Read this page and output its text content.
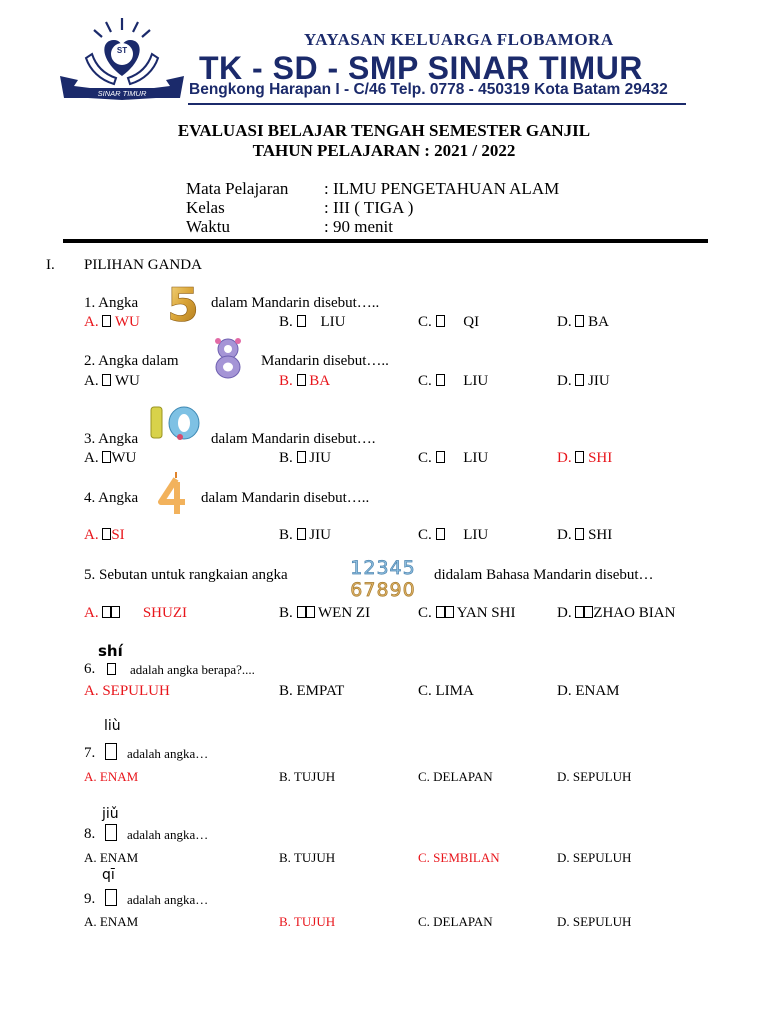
ST
SINAR TIMUR
YAYASAN KELUARGA FLOBAMORA
TK - SD - SMP SINAR TIMUR
Bengkong Harapan I - C/46 Telp. 0778 - 450319 Kota Batam 29432
EVALUASI BELAJAR TENGAH SEMESTER GANJIL
TAHUN PELAJARAN : 2021 / 2022
Mata Pelajaran : ILMU PENGETAHUAN ALAM
Kelas	: III ( TIGA )
Waktu	: 90 menit
I. PILIHAN GANDA
1. Angka 5 dalam Mandarin disebut…..
A. WU	B. LIU	C. QI	D. BA
2. Angka dalam	Mandarin disebut…..
A. WU	B. BA	C. LIU	D. JIU
3. Angka	dalam Mandarin disebut….
A. WU	B. JIU	C. LIU	D. SHI
4. Angka	dalam Mandarin disebut…..
A. SI	B. JIU	C. LIU	D. SHI
5. Sebutan untuk rangkaian angka	12345
67890
didalam Bahasa Mandarin disebut…
A.	SHUZI	B. WEN ZI	C. YAN SHI	D. ZHAO BIAN
shí
6.	adalah angka berapa?....
A. SEPULUH	B. EMPAT	C. LIMA	D. ENAM
liù
7. adalah angka…
A. ENAM	B. TUJUH	C. DELAPAN	D. SEPULUH
jiǔ
8. adalah angka…
A. ENAM	B. TUJUH	C. SEMBILAN	D. SEPULUH
qī
9. adalah angka…
A. ENAM	B. TUJUH	C. DELAPAN	D. SEPULUH
